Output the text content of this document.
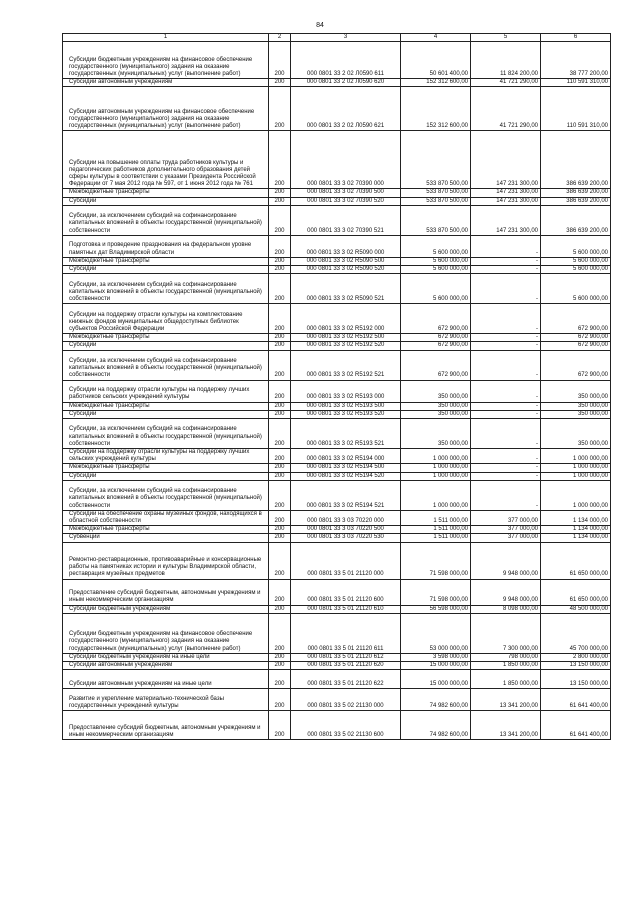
84
1	2	3	4	5	6
Субсидии бюджетным учреждениям на финансовое обеспечение государственного (муниципального) задания на оказание государственных (муниципальных) услуг (выполнение работ)	200	000 0801 33 2 02 Л0590 611	50 601 400,00	11 824 200,00	38 777 200,00
Субсидии автономным учреждениям	200	000 0801 33 2 02 Л0590 620	152 312 600,00	41 721 290,00	110 591 310,00
Субсидии автономным учреждениям на финансовое обеспечение государственного (муниципального) задания на оказание государственных (муниципальных) услуг (выполнение работ)	200	000 0801 33 2 02 Л0590 621	152 312 600,00	41 721 290,00	110 591 310,00
Субсидии на повышение оплаты труда работников культуры и педагогических работников дополнительного образования детей сферы культуры в соответствии с указами Президента Российской Федерации от 7 мая 2012 года № 597, от 1 июня 2012 года № 761	200	000 0801 33 3 02 70390 000	533 870 500,00	147 231 300,00	386 639 200,00
Межбюджетные трансферты	200	000 0801 33 3 02 70390 500	533 870 500,00	147 231 300,00	386 639 200,00
Субсидии	200	000 0801 33 3 02 70390 520	533 870 500,00	147 231 300,00	386 639 200,00
Субсидии, за исключением субсидий на софинансирование капитальных вложений в объекты государственной (муниципальной) собственности	200	000 0801 33 3 02 70390 521	533 870 500,00	147 231 300,00	386 639 200,00
Подготовка и проведение празднования на федеральном уровне памятных дат Владимирской области	200	000 0801 33 3 02 R5090 000	5 600 000,00	-	5 600 000,00
Межбюджетные трансферты	200	000 0801 33 3 02 R5090 500	5 600 000,00	-	5 600 000,00
Субсидии	200	000 0801 33 3 02 R5090 520	5 600 000,00	-	5 600 000,00
Субсидии, за исключением субсидий на софинансирование капитальных вложений в объекты государственной (муниципальной) собственности	200	000 0801 33 3 02 R5090 521	5 600 000,00	-	5 600 000,00
Субсидии на поддержку отрасли культуры на комплектование книжных фондов муниципальных общедоступных библиотек субъектов Российской Федерации	200	000 0801 33 3 02 R5192 000	672 900,00	-	672 900,00
Межбюджетные трансферты	200	000 0801 33 3 02 R5192 500	672 900,00	-	672 900,00
Субсидии	200	000 0801 33 3 02 R5192 520	672 900,00	-	672 900,00
Субсидии, за исключением субсидий на софинансирование капитальных вложений в объекты государственной (муниципальной) собственности	200	000 0801 33 3 02 R5192 521	672 900,00	-	672 900,00
Субсидии на поддержку отрасли культуры на поддержку лучших работников сельских учреждений культуры	200	000 0801 33 3 02 R5193 000	350 000,00	-	350 000,00
Межбюджетные трансферты	200	000 0801 33 3 02 R5193 500	350 000,00	-	350 000,00
Субсидии	200	000 0801 33 3 02 R5193 520	350 000,00	-	350 000,00
Субсидии, за исключением субсидий на софинансирование капитальных вложений в объекты государственной (муниципальной) собственности	200	000 0801 33 3 02 R5193 521	350 000,00	-	350 000,00
Субсидии на поддержку отрасли культуры на поддержку лучших сельских учреждений культуры	200	000 0801 33 3 02 R5194 000	1 000 000,00	-	1 000 000,00
Межбюджетные трансферты	200	000 0801 33 3 02 R5194 500	1 000 000,00	-	1 000 000,00
Субсидии	200	000 0801 33 3 02 R5194 520	1 000 000,00	-	1 000 000,00
Субсидии, за исключением субсидий на софинансирование капитальных вложений в объекты государственной (муниципальной) собственности	200	000 0801 33 3 02 R5194 521	1 000 000,00	-	1 000 000,00
Субсидии на обеспечение охраны музейных фондов, находящихся в областной собственности	200	000 0801 33 3 03 70220 000	1 511 000,00	377 000,00	1 134 000,00
Межбюджетные трансферты	200	000 0801 33 3 03 70220 500	1 511 000,00	377 000,00	1 134 000,00
Субвенции	200	000 0801 33 3 03 70220 530	1 511 000,00	377 000,00	1 134 000,00
Ремонтно-реставрационные, противоаварийные и консервационные работы на памятниках истории и культуры Владимирской области, реставрация музейных предметов	200	000 0801 33 5 01 21120 000	71 598 000,00	9 948 000,00	61 650 000,00
Предоставление субсидий бюджетным, автономным учреждениям и иным некоммерческим организациям	200	000 0801 33 5 01 21120 600	71 598 000,00	9 948 000,00	61 650 000,00
Субсидии бюджетным учреждениям	200	000 0801 33 5 01 21120 610	56 598 000,00	8 098 000,00	48 500 000,00
Субсидии бюджетным учреждениям на финансовое обеспечение государственного (муниципального) задания на оказание государственных (муниципальных) услуг (выполнение работ)	200	000 0801 33 5 01 21120 611	53 000 000,00	7 300 000,00	45 700 000,00
Субсидии бюджетным учреждениям на иные цели	200	000 0801 33 5 01 21120 612	3 598 000,00	798 000,00	2 800 000,00
Субсидии автономным учреждениям	200	000 0801 33 5 01 21120 620	15 000 000,00	1 850 000,00	13 150 000,00
Субсидии автономным учреждениям на иные цели	200	000 0801 33 5 01 21120 622	15 000 000,00	1 850 000,00	13 150 000,00
Развитие и укрепление материально-технической базы государственных учреждений культуры	200	000 0801 33 5 02 21130 000	74 982 600,00	13 341 200,00	61 641 400,00
Предоставление субсидий бюджетным, автономным учреждениям и иным некоммерческим организациям	200	000 0801 33 5 02 21130 600	74 982 600,00	13 341 200,00	61 641 400,00
